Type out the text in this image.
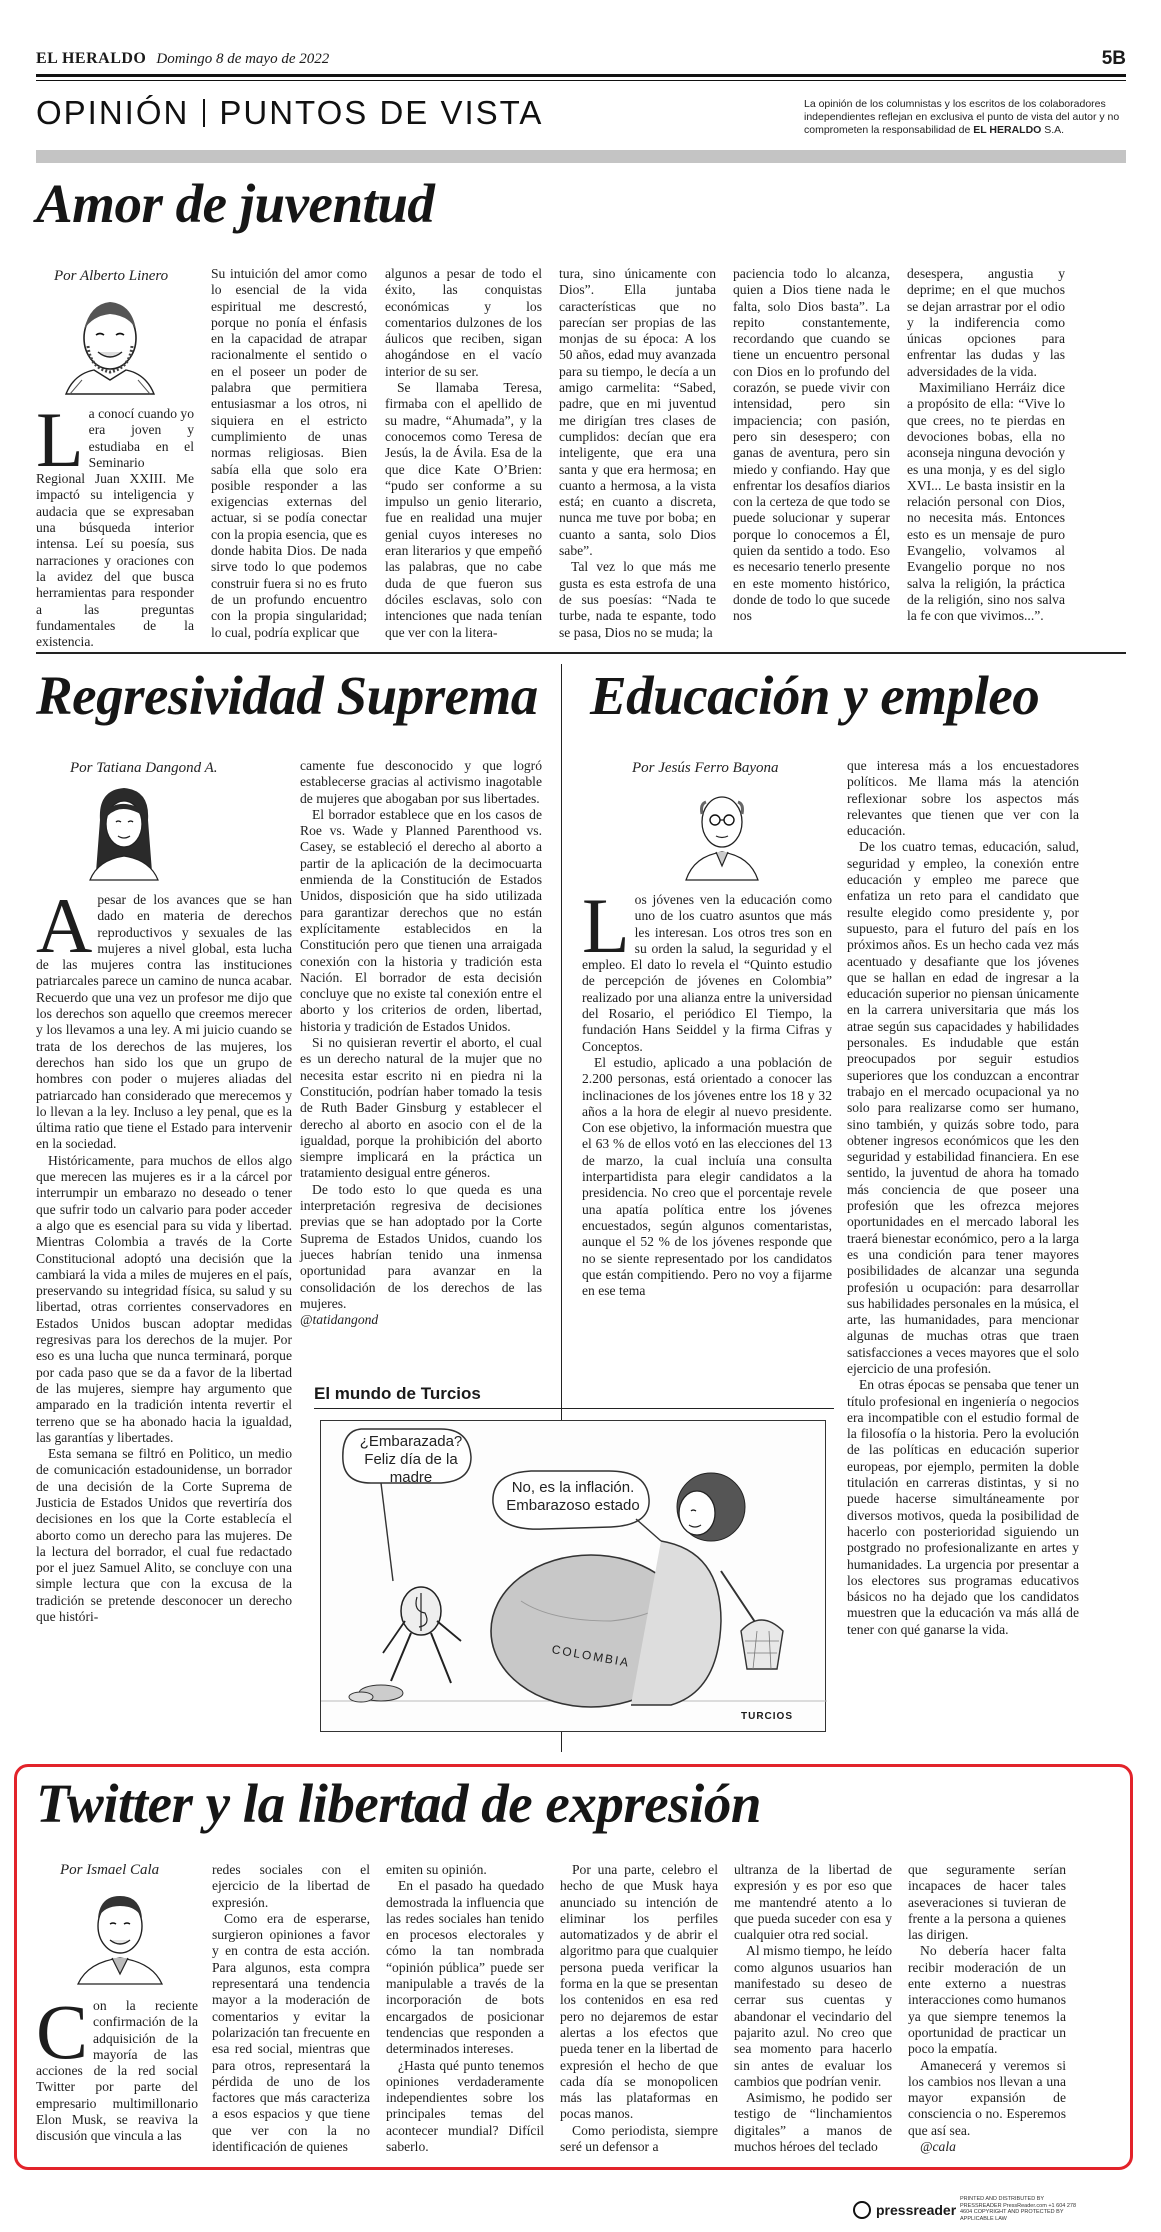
EL HERALDO Domingo 8 de mayo de 2022	5B
OPINIÓN PUNTOS DE VISTA	La opinión de los columnistas y los escritos de los colaboradores independientes reflejan en exclusiva el punto de vista del autor y no comprometen la responsabilidad de EL HERALDO S.A.
Amor de juventud
Por Alberto Linero

La conocí cuando yo era joven y estudiaba en el Seminario Regional Juan XXIII. Me impactó su inteligencia y audacia que se expresaban una búsqueda interior intensa. Leí su poesía, sus narraciones y oraciones con la avidez del que busca herramientas para responder a las preguntas fundamentales de la existencia.

Su intuición del amor como lo esencial de la vida espiritual me descrestó, porque no ponía el énfasis en la capacidad de atrapar racionalmente el sentido o en el poseer un poder de palabra que permitiera entusiasmar a los otros, ni siquiera en el estricto cumplimiento de unas normas religiosas. Bien sabía ella que solo era posible responder a las exigencias externas del actuar, si se podía conectar con la propia esencia, que es donde habita Dios. De nada sirve todo lo que podemos construir fuera si no es fruto de un profundo encuentro con la propia singularidad; lo cual, podría explicar que

algunos a pesar de todo el éxito, las conquistas económicas y los comentarios dulzones de los áulicos que reciben, sigan ahogándose en el vacío interior de su ser.

Se llamaba Teresa, firmaba con el apellido de su madre, “Ahumada”, y la conocemos como Teresa de Jesús, la de Ávila. Esa de la que dice Kate O’Brien: “pudo ser conforme a su impulso un genio literario, fue en realidad una mujer genial cuyos intereses no eran literarios y que empeñó las palabras, que no cabe duda de que fueron sus dóciles esclavas, solo con intenciones que nada tenían que ver con la litera-

tura, sino únicamente con Dios”. Ella juntaba características que no parecían ser propias de las monjas de su época: A los 50 años, edad muy avanzada para su tiempo, le decía a un amigo carmelita: “Sabed, padre, que en mi juventud me dirigían tres clases de cumplidos: decían que era inteligente, que era una santa y que era hermosa; en cuanto a hermosa, a la vista está; en cuanto a discreta, nunca me tuve por boba; en cuanto a santa, solo Dios sabe”.

Tal vez lo que más me gusta es esta estrofa de una de sus poesías: “Nada te turbe, nada te espante, todo se pasa, Dios no se muda; la

paciencia todo lo alcanza, quien a Dios tiene nada le falta, solo Dios basta”. La repito constantemente, recordando que cuando se tiene un encuentro personal con Dios en lo profundo del corazón, se puede vivir con intensidad, pero sin impaciencia; con pasión, pero sin desespero; con ganas de aventura, pero sin miedo y confiando. Hay que enfrentar los desafíos diarios con la certeza de que todo se puede solucionar y superar porque lo conocemos a Él, quien da sentido a todo. Eso es necesario tenerlo presente en este momento histórico, donde de todo lo que sucede nos

desespera, angustia y deprime; en el que muchos se dejan arrastrar por el odio y la indiferencia como únicas opciones para enfrentar las dudas y las adversidades de la vida.

Maximiliano Herráiz dice a propósito de ella: “Vive lo que crees, no te pierdas en devociones bobas, ella no aconseja ninguna devoción y es una monja, y es del siglo XVI... Le basta insistir en la relación personal con Dios, no necesita más. Entonces esto es un mensaje de puro Evangelio, volvamos al Evangelio porque no nos salva la religión, la práctica de la religión, sino nos salva la fe con que vivimos...”.

Regresividad Suprema
Por Tatiana Dangond A.

Apesar de los avances que se han dado en materia de derechos reproductivos y sexuales de las mujeres a nivel global, esta lucha de las mujeres contra las instituciones patriarcales parece un camino de nunca acabar. Recuerdo que una vez un profesor me dijo que los derechos son aquello que creemos merecer y los llevamos a una ley. A mi juicio cuando se trata de los derechos de las mujeres, los derechos han sido los que un grupo de hombres con poder o mujeres aliadas del patriarcado han considerado que merecemos y lo llevan a la ley. Incluso a ley penal, que es la última ratio que tiene el Estado para intervenir en la sociedad.

Históricamente, para muchos de ellos algo que merecen las mujeres es ir a la cárcel por interrumpir un embarazo no deseado o tener que sufrir todo un calvario para poder acceder a algo que es esencial para su vida y libertad. Mientras Colombia a través de la Corte Constitucional adoptó una decisión que la cambiará la vida a miles de mujeres en el país, preservando su integridad física, su salud y su libertad, otras corrientes conservadores en Estados Unidos buscan adoptar medidas regresivas para los derechos de la mujer. Por eso es una lucha que nunca terminará, porque por cada paso que se da a favor de la libertad de las mujeres, siempre hay argumento que amparado en la tradición intenta revertir el terreno que se ha abonado hacia la igualdad, las garantías y libertades.

Esta semana se filtró en Politico, un medio de comunicación estadounidense, un borrador de una decisión de la Corte Suprema de Justicia de Estados Unidos que revertiría dos decisiones en los que la Corte establecía el aborto como un derecho para las mujeres. De la lectura del borrador, el cual fue redactado por el juez Samuel Alito, se concluye con una simple lectura que con la excusa de la tradición se pretende desconocer un derecho que históri-

camente fue desconocido y que logró establecerse gracias al activismo inagotable de mujeres que abogaban por sus libertades.

El borrador establece que en los casos de Roe vs. Wade y Planned Parenthood vs. Casey, se estableció el derecho al aborto a partir de la aplicación de la decimocuarta enmienda de la Constitución de Estados Unidos, disposición que ha sido utilizada para garantizar derechos que no están explícitamente establecidos en la Constitución pero que tienen una arraigada conexión con la historia y tradición esta Nación. El borrador de esta decisión concluye que no existe tal conexión entre el aborto y los criterios de orden, libertad, historia y tradición de Estados Unidos.

Si no quisieran revertir el aborto, el cual es un derecho natural de la mujer que no necesita estar escrito ni en piedra ni la Constitución, podrían haber tomado la tesis de Ruth Bader Ginsburg y establecer el derecho al aborto en asocio con el de la igualdad, porque la prohibición del aborto siempre implicará en la práctica un tratamiento desigual entre géneros.

De todo esto lo que queda es una interpretación regresiva de decisiones previas que se han adoptado por la Corte Suprema de Estados Unidos, cuando los jueces habrían tenido una inmensa oportunidad para avanzar en la consolidación de los derechos de las mujeres.

@tatidangond

Educación y empleo
Por Jesús Ferro Bayona

Los jóvenes ven la educación como uno de los cuatro asuntos que más les interesan. Los otros tres son en su orden la salud, la seguridad y el empleo. El dato lo revela el “Quinto estudio de percepción de jóvenes en Colombia” realizado por una alianza entre la universidad del Rosario, el periódico El Tiempo, la fundación Hans Seiddel y la firma Cifras y Conceptos.

El estudio, aplicado a una población de 2.200 personas, está orientado a conocer las inclinaciones de los jóvenes entre los 18 y 32 años a la hora de elegir al nuevo presidente. Con ese objetivo, la información muestra que el 63 % de ellos votó en las elecciones del 13 de marzo, la cual incluía una consulta interpartidista para elegir candidatos a la presidencia. No creo que el porcentaje revele una apatía política entre los jóvenes encuestados, según algunos comentaristas, aunque el 52 % de los jóvenes responde que no se siente representado por los candidatos que están compitiendo. Pero no voy a fijarme en ese tema

que interesa más a los encuestadores políticos. Me llama más la atención reflexionar sobre los aspectos más relevantes que tienen que ver con la educación.

De los cuatro temas, educación, salud, seguridad y empleo, la conexión entre educación y empleo me parece que enfatiza un reto para el candidato que resulte elegido como presidente y, por supuesto, para el futuro del país en los próximos años. Es un hecho cada vez más acentuado y desafiante que los jóvenes que se hallan en edad de ingresar a la educación superior no piensan únicamente en la carrera universitaria que más los atrae según sus capacidades y habilidades personales. Es indudable que están preocupados por seguir estudios superiores que los conduzcan a encontrar trabajo en el mercado ocupacional ya no solo para realizarse como ser humano, sino también, y quizás sobre todo, para obtener ingresos económicos que les den seguridad y estabilidad financiera. En ese sentido, la juventud de ahora ha tomado más conciencia de que poseer una profesión que les ofrezca mejores oportunidades en el mercado laboral les traerá bienestar económico, pero a la larga es una condición para tener mayores posibilidades de alcanzar una segunda profesión u ocupación: para desarrollar sus habilidades personales en la música, el arte, las humanidades, para mencionar algunas de muchas otras que traen satisfacciones a veces mayores que el solo ejercicio de una profesión.

En otras épocas se pensaba que tener un título profesional en ingeniería o negocios era incompatible con el estudio formal de la filosofía o la historia. Pero la evolución de las políticas en educación superior europeas, por ejemplo, permiten la doble titulación en carreras distintas, y si no puede hacerse simultáneamente por diversos motivos, queda la posibilidad de hacerlo con posterioridad siguiendo un postgrado no profesionalizante en artes y humanidades. La urgencia por presentar a los electores sus programas educativos básicos no ha dejado que los candidatos muestren que la educación va más allá de tener con qué ganarse la vida.

El mundo de Turcios
¿Embarazada? Feliz día de la madre
No, es la inflación. Embarazoso estado
COLOMBIA
TURCIOS
Twitter y la libertad de expresión
Por Ismael Cala

Con la reciente confirmación de la adquisición de la mayoría de las acciones de la red social Twitter por parte del empresario multimillonario Elon Musk, se reaviva la discusión que vincula a las

redes sociales con el ejercicio de la libertad de expresión.

Como era de esperarse, surgieron opiniones a favor y en contra de esta acción. Para algunos, esta compra representará una tendencia mayor a la moderación de comentarios y evitar la polarización tan frecuente en esa red social, mientras que para otros, representará la pérdida de uno de los factores que más caracteriza a esos espacios y que tiene que ver con la no identificación de quienes

emiten su opinión.

En el pasado ha quedado demostrada la influencia que las redes sociales han tenido en procesos electorales y cómo la tan nombrada “opinión pública” puede ser manipulable a través de la incorporación de bots encargados de posicionar tendencias que responden a determinados intereses.

¿Hasta qué punto tenemos opiniones verdaderamente independientes sobre los principales temas del acontecer mundial? Difícil saberlo.

Por una parte, celebro el hecho de que Musk haya anunciado su intención de eliminar los perfiles automatizados y de abrir el algoritmo para que cualquier persona pueda verificar la forma en la que se presentan los contenidos en esa red pero no dejaremos de estar alertas a los efectos que pueda tener en la libertad de expresión el hecho de que cada día se monopolicen más las plataformas en pocas manos.

Como periodista, siempre seré un defensor a

ultranza de la libertad de expresión y es por eso que me mantendré atento a lo que pueda suceder con esa y cualquier otra red social.

Al mismo tiempo, he leído como algunos usuarios han manifestado su deseo de cerrar sus cuentas y abandonar el vecindario del pajarito azul. No creo que sea momento para hacerlo sin antes de evaluar los cambios que podrían venir.

Asimismo, he podido ser testigo de “linchamientos digitales” a manos de muchos héroes del teclado

que seguramente serían incapaces de hacer tales aseveraciones si tuvieran de frente a la persona a quienes las dirigen.

No debería hacer falta recibir moderación de un ente externo a nuestras interacciones como humanos ya que siempre tenemos la oportunidad de practicar un poco la empatía.

Amanecerá y veremos si los cambios nos llevan a una mayor expansión de consciencia o no. Esperemos que así sea.

@cala

pressreader
PRINTED AND DISTRIBUTED BY PRESSREADER PressReader.com +1 604 278 4604 COPYRIGHT AND PROTECTED BY APPLICABLE LAW
